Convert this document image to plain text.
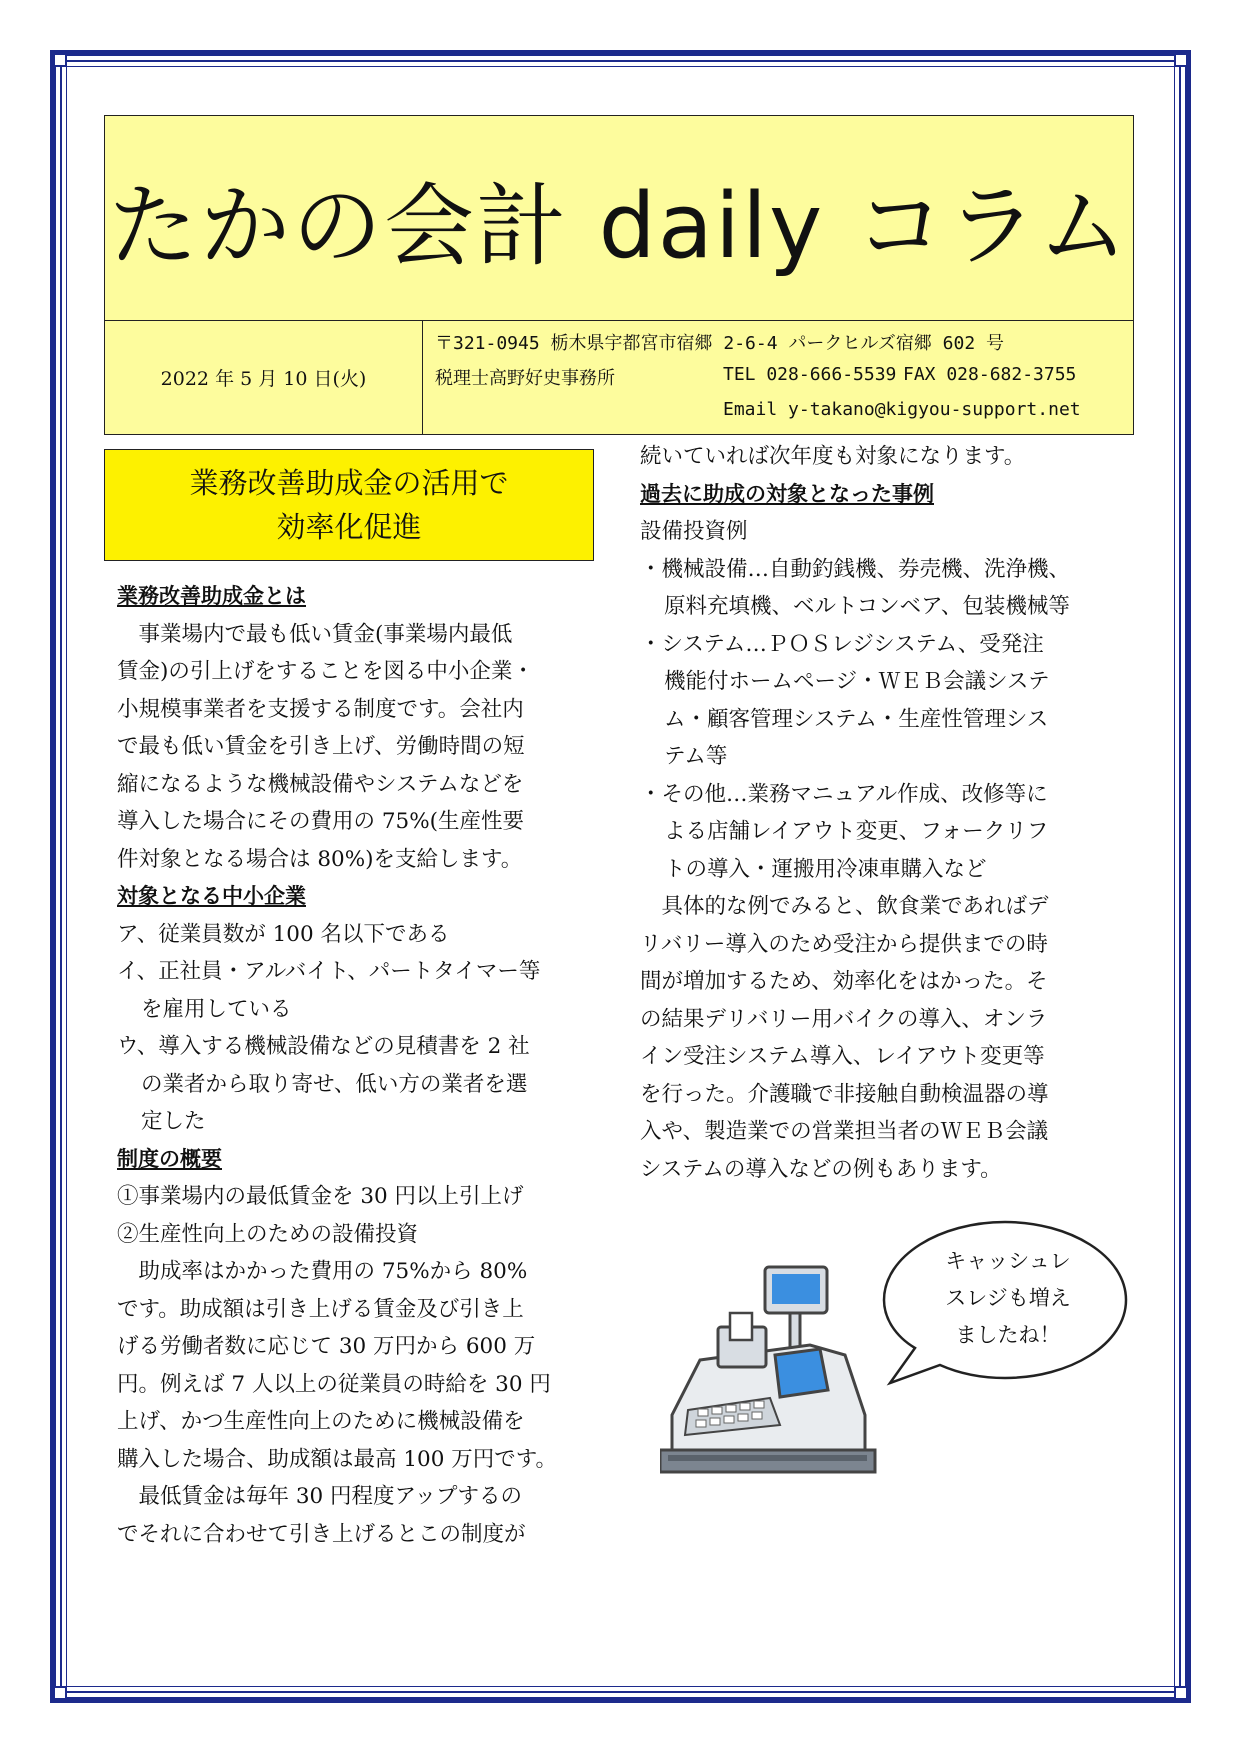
たかの会計 daily コラム
2022 年 5 月 10 日(火)
〒321-0945 栃木県宇都宮市宿郷 2-6-4 パークヒルズ宿郷 602 号
税理士高野好史事務所	TEL 028-666-5539 FAX 028-682-3755
Email y-takano@kigyou-support.net
業務改善助成金の活用で
効率化促進

業務改善助成金とは

　事業場内で最も低い賃金(事業場内最低

賃金)の引上げをすることを図る中小企業・

小規模事業者を支援する制度です。会社内

で最も低い賃金を引き上げ、労働時間の短

縮になるような機械設備やシステムなどを

導入した場合にその費用の 75%(生産性要

件対象となる場合は 80%)を支給します。

対象となる中小企業

ア、従業員数が 100 名以下である

イ、正社員・アルバイト、パートタイマー等

を雇用している

ウ、導入する機械設備などの見積書を 2 社

の業者から取り寄せ、低い方の業者を選

定した

制度の概要

①事業場内の最低賃金を 30 円以上引上げ

②生産性向上のための設備投資

　助成率はかかった費用の 75%から 80%

です。助成額は引き上げる賃金及び引き上

げる労働者数に応じて 30 万円から 600 万

円。例えば 7 人以上の従業員の時給を 30 円

上げ、かつ生産性向上のために機械設備を

購入した場合、助成額は最高 100 万円です。

　最低賃金は毎年 30 円程度アップするの

でそれに合わせて引き上げるとこの制度が

続いていれば次年度も対象になります。

過去に助成の対象となった事例

設備投資例

・機械設備…自動釣銭機、券売機、洗浄機、

原料充填機、ベルトコンベア、包装機械等

・システム…ＰＯＳレジシステム、受発注

機能付ホームページ・ＷＥＢ会議システ

ム・顧客管理システム・生産性管理シス

テム等

・その他…業務マニュアル作成、改修等に

よる店舗レイアウト変更、フォークリフ

トの導入・運搬用冷凍車購入など

　具体的な例でみると、飲食業であればデ

リバリー導入のため受注から提供までの時

間が増加するため、効率化をはかった。そ

の結果デリバリー用バイクの導入、オンラ

イン受注システム導入、レイアウト変更等

を行った。介護職で非接触自動検温器の導

入や、製造業での営業担当者のＷＥＢ会議

システムの導入などの例もあります。

キャッシュレ
スレジも増え
ましたね！
